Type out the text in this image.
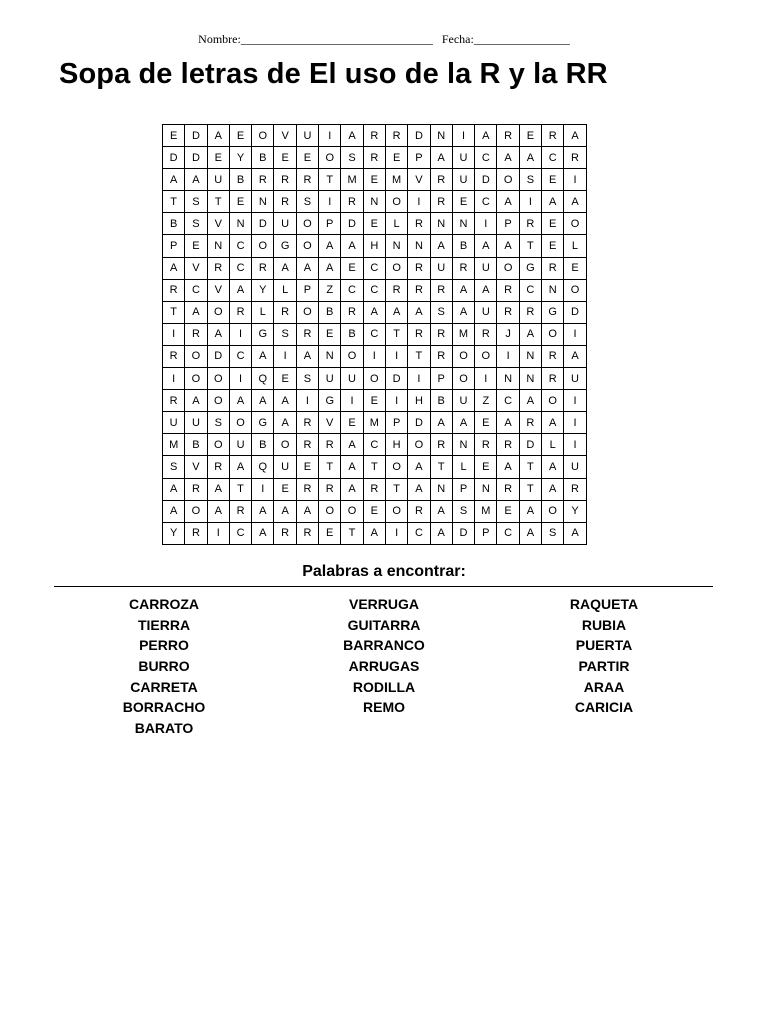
Nombre:________________________________ Fecha:________________
Sopa de letras de El uso de la R y la RR
E	D	A	E	O	V	U	I	A	R	R	D	N	I	A	R	E	R	A
D	D	E	Y	B	E	E	O	S	R	E	P	A	U	C	A	A	C	R
A	A	U	B	R	R	R	T	M	E	M	V	R	U	D	O	S	E	I
T	S	T	E	N	R	S	I	R	N	O	I	R	E	C	A	I	A	A
B	S	V	N	D	U	O	P	D	E	L	R	N	N	I	P	R	E	O
P	E	N	C	O	G	O	A	A	H	N	N	A	B	A	A	T	E	L
A	V	R	C	R	A	A	A	E	C	O	R	U	R	U	O	G	R	E
R	C	V	A	Y	L	P	Z	C	C	R	R	R	A	A	R	C	N	O
T	A	O	R	L	R	O	B	R	A	A	A	S	A	U	R	R	G	D
I	R	A	I	G	S	R	E	B	C	T	R	R	M	R	J	A	O	I
R	O	D	C	A	I	A	N	O	I	I	T	R	O	O	I	N	R	A
I	O	O	I	Q	E	S	U	U	O	D	I	P	O	I	N	N	R	U
R	A	O	A	A	A	I	G	I	E	I	H	B	U	Z	C	A	O	I
U	U	S	O	G	A	R	V	E	M	P	D	A	A	E	A	R	A	I
M	B	O	U	B	O	R	R	A	C	H	O	R	N	R	R	D	L	I
S	V	R	A	Q	U	E	T	A	T	O	A	T	L	E	A	T	A	U
A	R	A	T	I	E	R	R	A	R	T	A	N	P	N	R	T	A	R
A	O	A	R	A	A	A	O	O	E	O	R	A	S	M	E	A	O	Y
Y	R	I	C	A	R	R	E	T	A	I	C	A	D	P	C	A	S	A
Palabras a encontrar:
CARROZA
TIERRA
PERRO
BURRO
CARRETA
BORRACHO
BARATO
VERRUGA
GUITARRA
BARRANCO
ARRUGAS
RODILLA
REMO
RAQUETA
RUBIA
PUERTA
PARTIR
ARAA
CARICIA
